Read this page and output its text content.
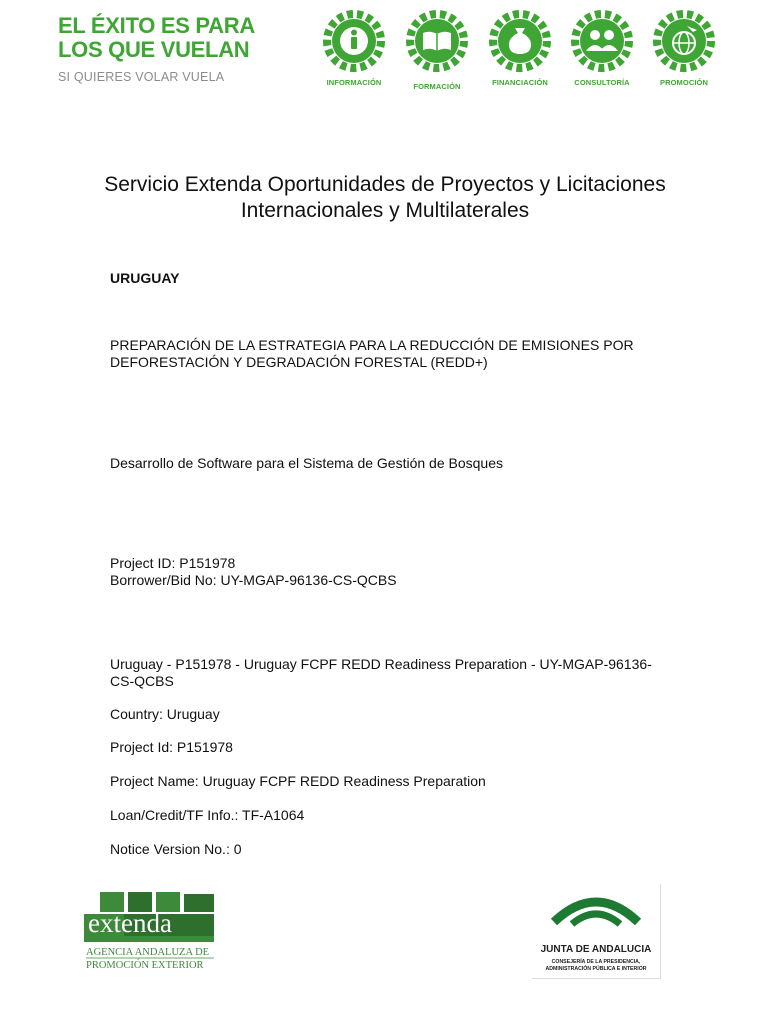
EL ÉXITO ES PARA
LOS QUE VUELAN
SI QUIERES VOLAR VUELA	INFORMACIÓN	FORMACIÓN	FINANCIACIÓN	CONSULTORÍA	PROMOCIÓN
Servicio Extenda Oportunidades de Proyectos y Licitaciones Internacionales y Multilaterales
URUGUAY
PREPARACIÓN DE LA ESTRATEGIA PARA LA REDUCCIÓN DE EMISIONES POR DEFORESTACIÓN Y DEGRADACIÓN FORESTAL (REDD+)
Desarrollo de Software para el Sistema de Gestión de Bosques
Project ID: P151978
Borrower/Bid No: UY-MGAP-96136-CS-QCBS
Uruguay - P151978 - Uruguay FCPF REDD Readiness Preparation - UY-MGAP-96136-CS-QCBS
Country: Uruguay
Project Id: P151978
Project Name: Uruguay FCPF REDD Readiness Preparation
Loan/Credit/TF Info.: TF-A1064
Notice Version No.: 0
extenda
AGENCIA ANDALUZA DE
PROMOCIÓN EXTERIOR
JUNTA DE ANDALUCIA
CONSEJERÍA DE LA PRESIDENCIA,
ADMINISTRACIÓN PÚBLICA E INTERIOR
